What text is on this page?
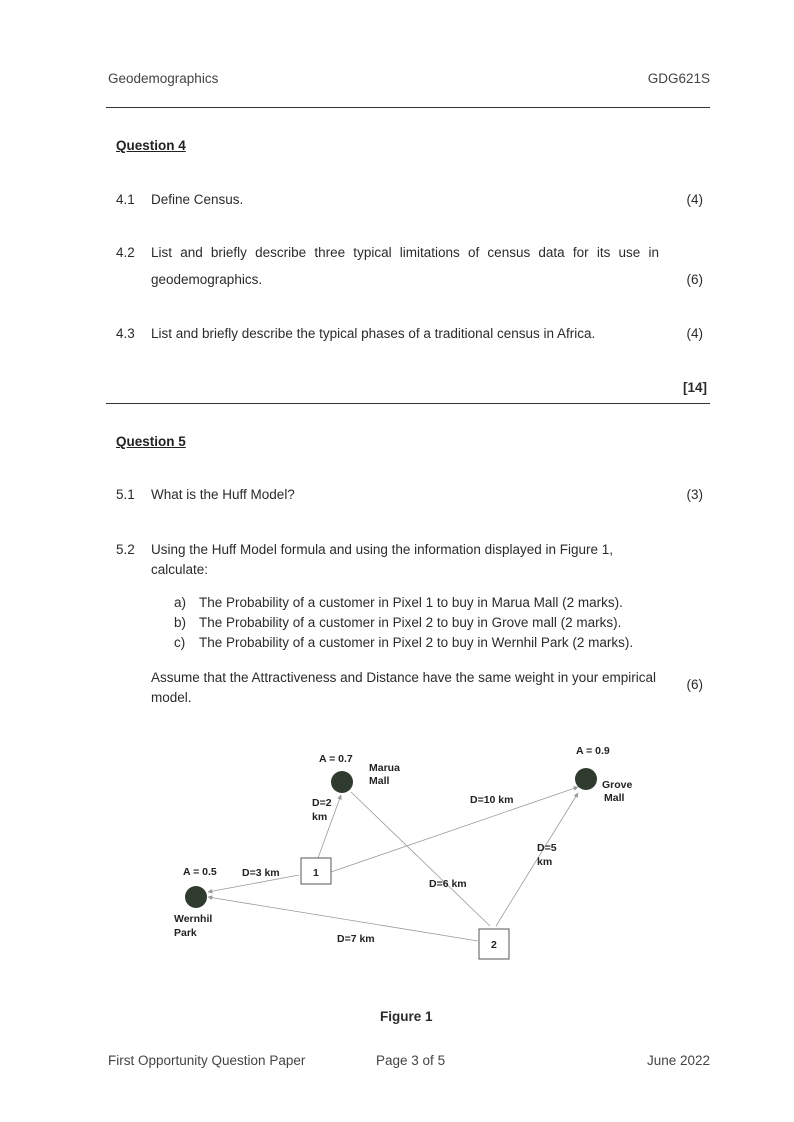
Geodemographics	GDG621S
Question 4
4.1 Define Census.	(4)
4.2 List and briefly describe three typical limitations of census data for its use in
geodemographics.	(6)
4.3 List and briefly describe the typical phases of a traditional census in Africa.	(4)
[14]
Question 5
5.1 What is the Huff Model?	(3)
5.2 Using the Huff Model formula and using the information displayed in Figure 1, calculate:
a) The Probability of a customer in Pixel 1 to buy in Marua Mall (2 marks).
b) The Probability of a customer in Pixel 2 to buy in Grove mall (2 marks).
c) The Probability of a customer in Pixel 2 to buy in Wernhil Park (2 marks).
Assume that the Attractiveness and Distance have the same weight in your empirical model.
(6)
1
2
A = 0.7
Marua
Mall
A = 0.9
Grove
Mall
A = 0.5
Wernhil
Park
D=2
km
D=10 km
D=3 km
D=6 km
D=5
km
D=7 km
Figure 1
First Opportunity Question Paper	Page 3 of 5	June 2022
